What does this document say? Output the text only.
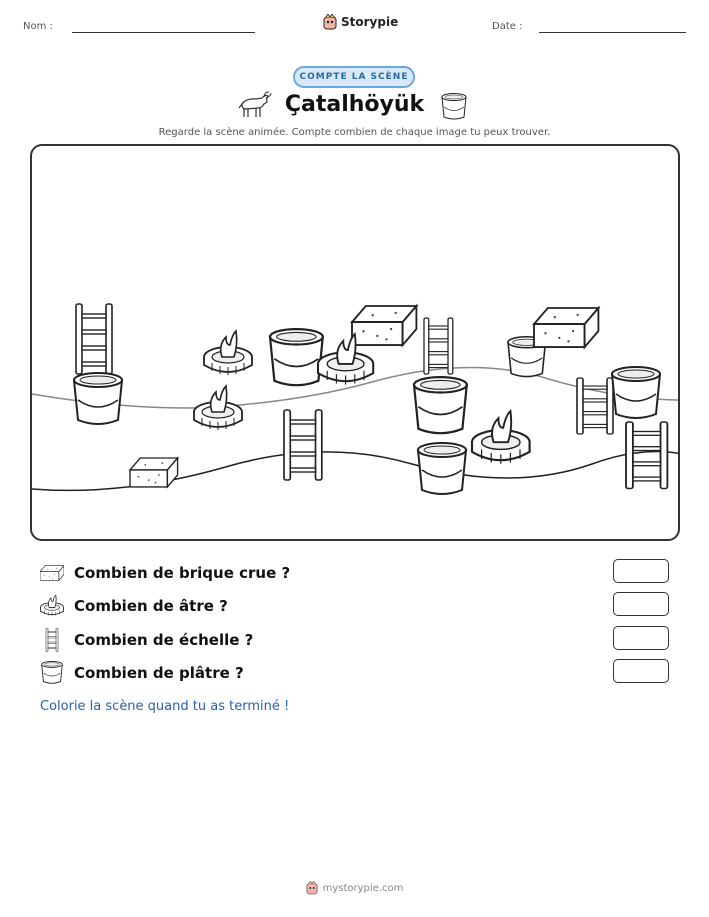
Nom :	Storypie	Date :
COMPTE LA SCÈNE
Çatalhöyük
Regarde la scène animée. Compte combien de chaque image tu peux trouver.
Combien de brique crue ?
Combien de âtre ?
Combien de échelle ?
Combien de plâtre ?
Colorie la scène quand tu as terminé !
mystorypie.com
